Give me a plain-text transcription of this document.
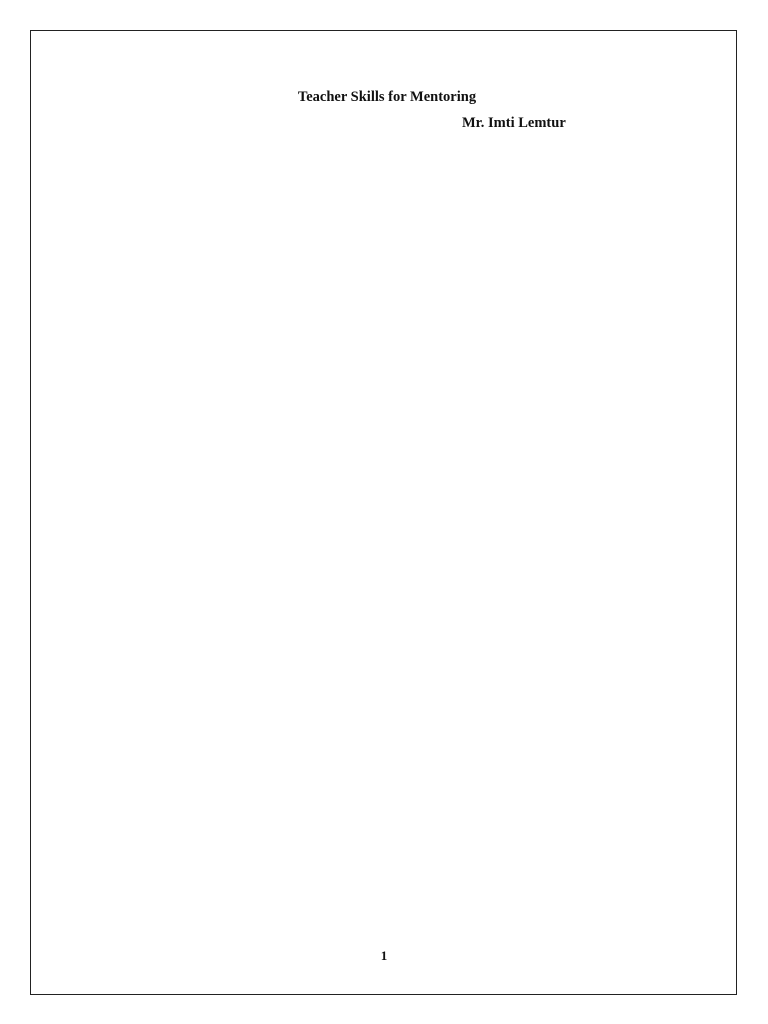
Teacher Skills for Mentoring
Mr. Imti Lemtur

1
